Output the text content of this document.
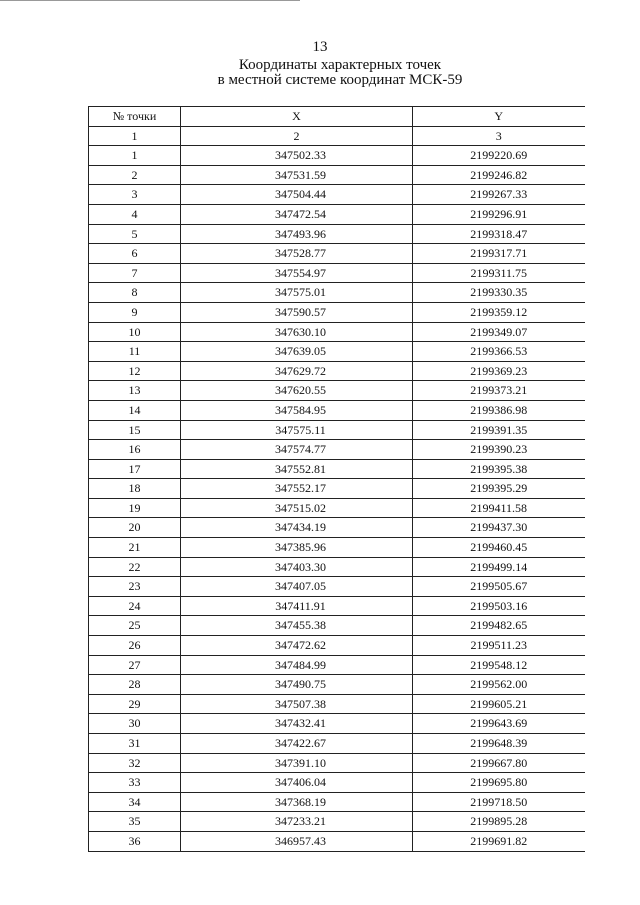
13
Координаты характерных точек
в местной системе координат МСК-59
№ точки	X	Y
1	2	3
1	347502.33	2199220.69
2	347531.59	2199246.82
3	347504.44	2199267.33
4	347472.54	2199296.91
5	347493.96	2199318.47
6	347528.77	2199317.71
7	347554.97	2199311.75
8	347575.01	2199330.35
9	347590.57	2199359.12
10	347630.10	2199349.07
11	347639.05	2199366.53
12	347629.72	2199369.23
13	347620.55	2199373.21
14	347584.95	2199386.98
15	347575.11	2199391.35
16	347574.77	2199390.23
17	347552.81	2199395.38
18	347552.17	2199395.29
19	347515.02	2199411.58
20	347434.19	2199437.30
21	347385.96	2199460.45
22	347403.30	2199499.14
23	347407.05	2199505.67
24	347411.91	2199503.16
25	347455.38	2199482.65
26	347472.62	2199511.23
27	347484.99	2199548.12
28	347490.75	2199562.00
29	347507.38	2199605.21
30	347432.41	2199643.69
31	347422.67	2199648.39
32	347391.10	2199667.80
33	347406.04	2199695.80
34	347368.19	2199718.50
35	347233.21	2199895.28
36	346957.43	2199691.82
